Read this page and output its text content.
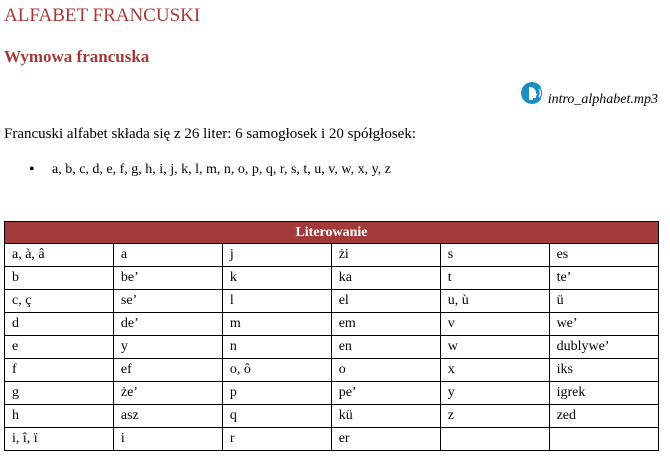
ALFABET FRANCUSKI
Wymowa francuska
intro_alphabet.mp3

Francuski alfabet składa się z 26 liter: 6 samogłosek i 20 spółgłosek:

• a, b, c, d, e, f, g, h, i, j, k, l, m, n, o, p, q, r, s, t, u, v, w, x, y, z
Literowanie					
a, à, â	a	j	żi	s	es
b	be’	k	ka	t	te’
c, ç	se’	l	el	u, ù	ü
d	de’	m	em	v	we’
e	y	n	en	w	dublywe’
f	ef	o, ô	o	x	iks
g	że’	p	pe’	y	igrek
h	asz	q	kü	z	zed
i, î, ï	i	r	er		
